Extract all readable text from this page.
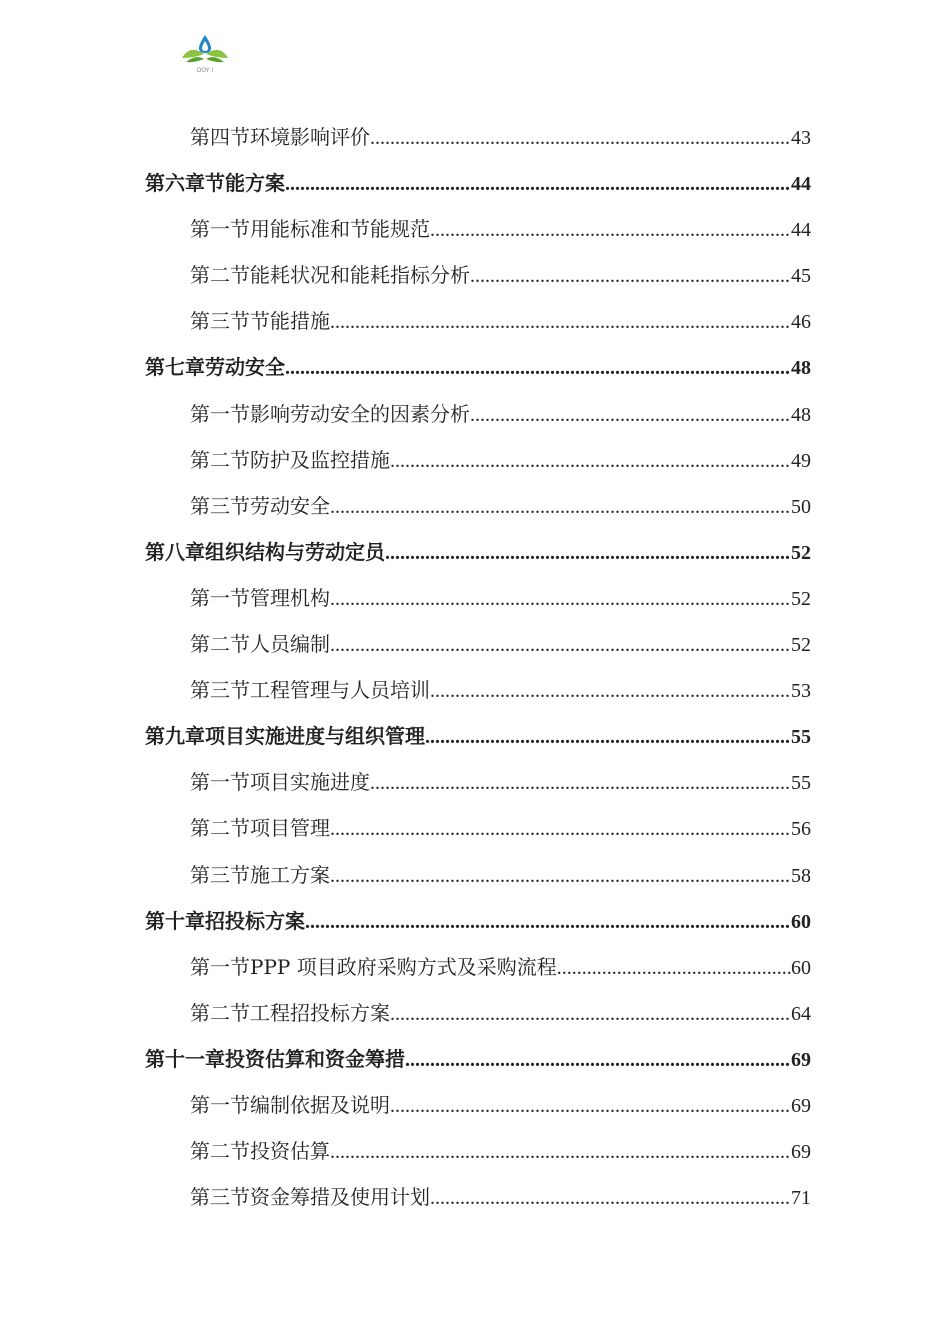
DOY I
第四节 环境影响评价 .....	43
第六章 节能方案 .....	44
第一节 用能标准和节能规范 .....	44
第二节 能耗状况和能耗指标分析 .....	45
第三节 节能措施 .....	46
第七章 劳动安全 .....	48
第一节 影响劳动安全的因素分析 .....	48
第二节 防护及监控措施 .....	49
第三节 劳动安全 .....	50
第八章 组织结构与劳动定员 .....	52
第一节 管理机构 .....	52
第二节 人员编制 .....	52
第三节 工程管理与人员培训 .....	53
第九章 项目实施进度与组织管理 .....	55
第一节 项目实施进度 .....	55
第二节 项目管理 .....	56
第三节 施工方案 .....	58
第十章 招投标方案 .....	60
第一节 PPP 项目政府采购方式及采购流程 .....	60
第二节 工程招投标方案 .....	64
第十一章 投资估算和资金筹措 .....	69
第一节 编制依据及说明 .....	69
第二节 投资估算 .....	69
第三节 资金筹措及使用计划 .....	71
